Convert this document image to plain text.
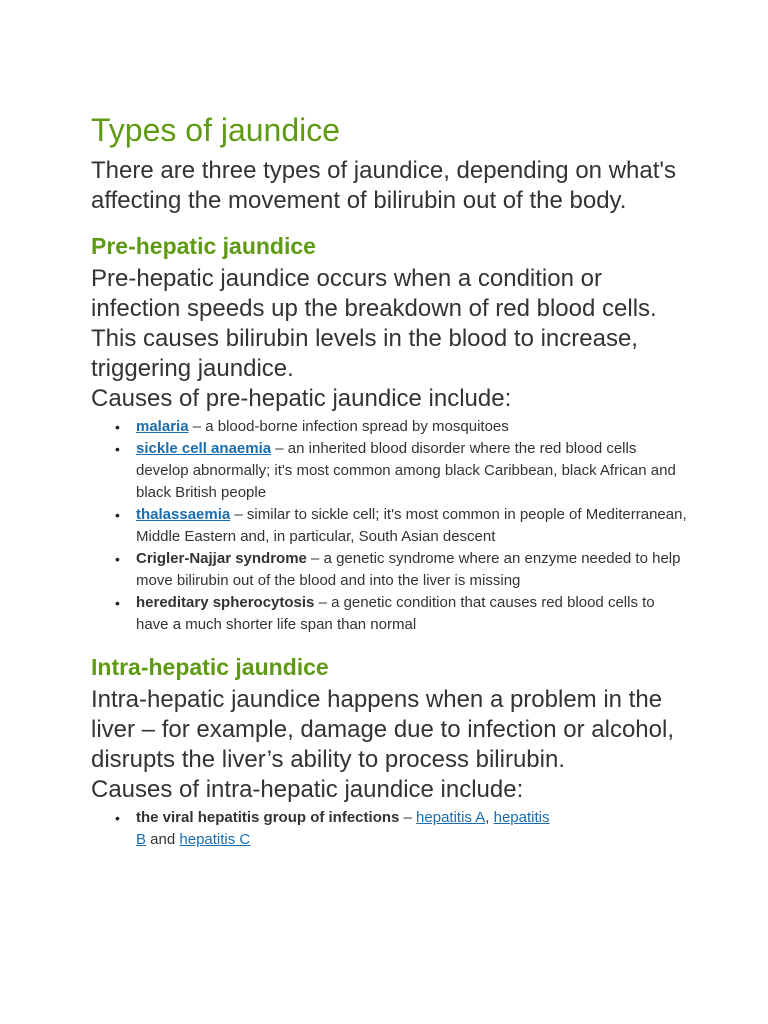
Types of jaundice

There are three types of jaundice, depending on what's affecting the movement of bilirubin out of the body.

Pre-hepatic jaundice

Pre-hepatic jaundice occurs when a condition or infection speeds up the breakdown of red blood cells. This causes bilirubin levels in the blood to increase, triggering jaundice.

Causes of pre-hepatic jaundice include:

• malaria – a blood-borne infection spread by mosquitoes
• sickle cell anaemia – an inherited blood disorder where the red blood cells develop abnormally; it's most common among black Caribbean, black African and black British people
• thalassaemia – similar to sickle cell; it's most common in people of Mediterranean, Middle Eastern and, in particular, South Asian descent
• Crigler-Najjar syndrome – a genetic syndrome where an enzyme needed to help move bilirubin out of the blood and into the liver is missing
• hereditary spherocytosis – a genetic condition that causes red blood cells to have a much shorter life span than normal
Intra-hepatic jaundice

Intra-hepatic jaundice happens when a problem in the liver – for example, damage due to infection or alcohol, disrupts the liver’s ability to process bilirubin.

Causes of intra-hepatic jaundice include:

• the viral hepatitis group of infections – hepatitis A, hepatitis B and hepatitis C
